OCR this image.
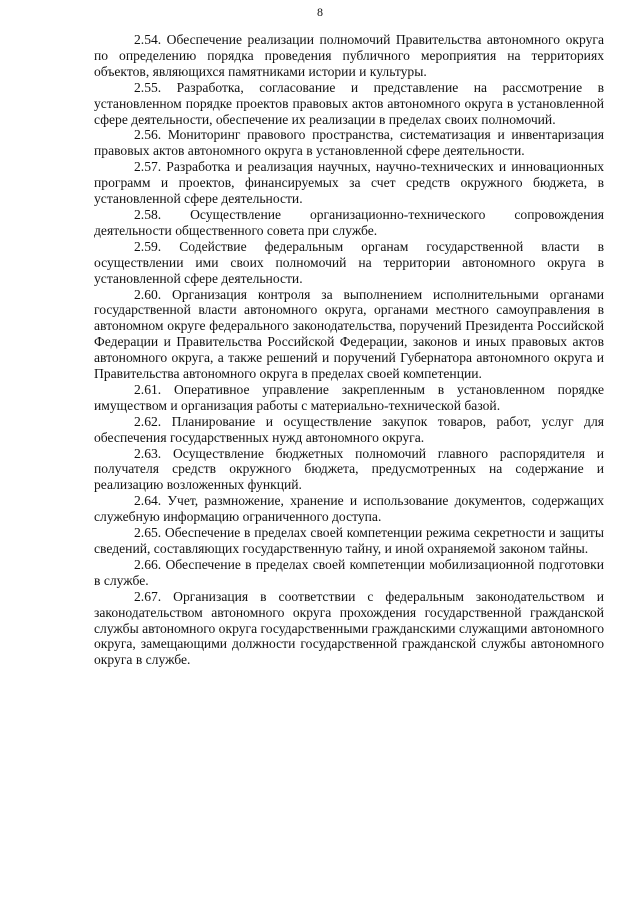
8

2.54. Обеспечение реализации полномочий Правительства автономного округа по определению порядка проведения публичного мероприятия на территориях объектов, являющихся памятниками истории и культуры.

2.55. Разработка, согласование и представление на рассмотрение в установленном порядке проектов правовых актов автономного округа в установленной сфере деятельности, обеспечение их реализации в пределах своих полномочий.

2.56. Мониторинг правового пространства, систематизация и инвентаризация правовых актов автономного округа в установленной сфере деятельности.

2.57. Разработка и реализация научных, научно-технических и инновационных программ и проектов, финансируемых за счет средств окружного бюджета, в установленной сфере деятельности.

2.58. Осуществление организационно-технического сопровождения деятельности общественного совета при службе.

2.59. Содействие федеральным органам государственной власти в осуществлении ими своих полномочий на территории автономного округа в установленной сфере деятельности.

2.60. Организация контроля за выполнением исполнительными органами государственной власти автономного округа, органами местного самоуправления в автономном округе федерального законодательства, поручений Президента Российской Федерации и Правительства Российской Федерации, законов и иных правовых актов автономного округа, а также решений и поручений Губернатора автономного округа и Правительства автономного округа в пределах своей компетенции.

2.61. Оперативное управление закрепленным в установленном порядке имуществом и организация работы с материально-технической базой.

2.62. Планирование и осуществление закупок товаров, работ, услуг для обеспечения государственных нужд автономного округа.

2.63. Осуществление бюджетных полномочий главного распорядителя и получателя средств окружного бюджета, предусмотренных на содержание и реализацию возложенных функций.

2.64. Учет, размножение, хранение и использование документов, содержащих служебную информацию ограниченного доступа.

2.65. Обеспечение в пределах своей компетенции режима секретности и защиты сведений, составляющих государственную тайну, и иной охраняемой законом тайны.

2.66. Обеспечение в пределах своей компетенции мобилизационной подготовки в службе.

2.67. Организация в соответствии с федеральным законодательством и законодательством автономного округа прохождения государственной гражданской службы автономного округа государственными гражданскими служащими автономного округа, замещающими должности государственной гражданской службы автономного округа в службе.
